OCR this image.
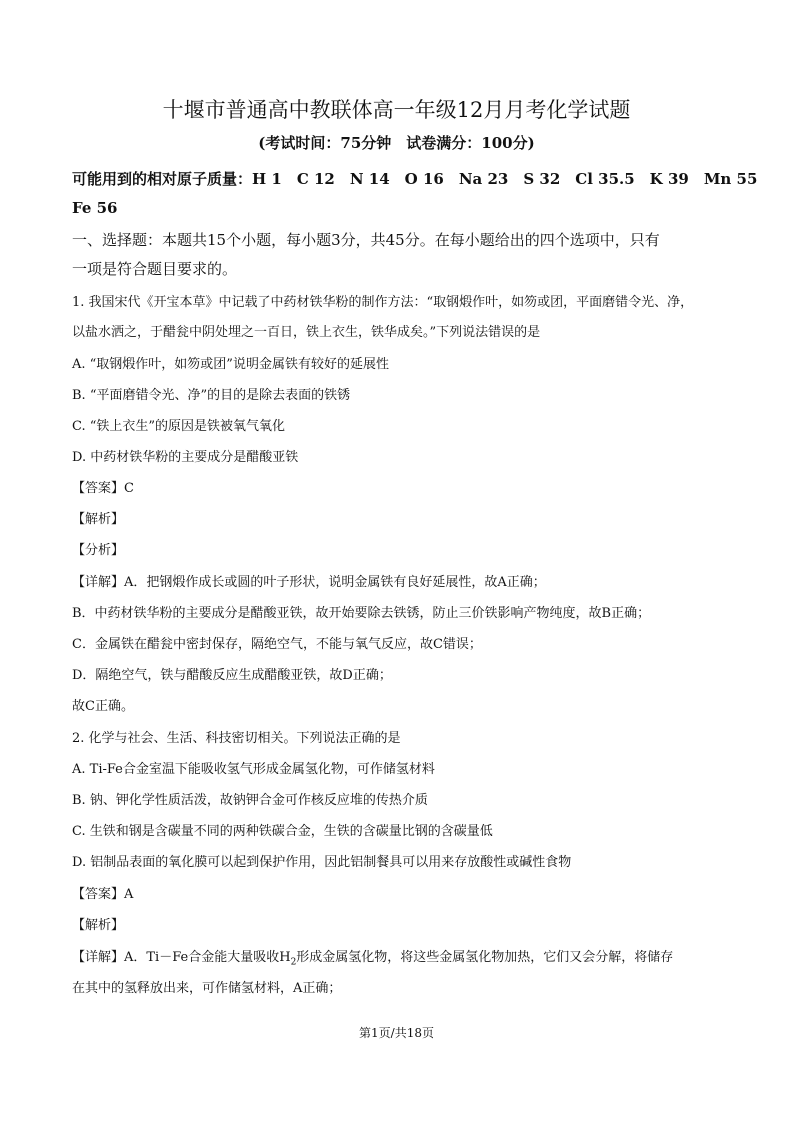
十堰市普通高中教联体高一年级12月月考化学试题
(考试时间：75分钟　试卷满分：100分)
可能用到的相对原子质量：H 1　C 12　N 14　O 16　Na 23　S 32　Cl 35.5　K 39　Mn 55
Fe 56
一、选择题：本题共15个小题，每小题3分，共45分。在每小题给出的四个选项中，只有
一项是符合题目要求的。
1. 我国宋代《开宝本草》中记载了中药材铁华粉的制作方法：“取钢煅作叶，如笏或团，平面磨错令光、净，
以盐水洒之，于醋瓮中阴处埋之一百日，铁上衣生，铁华成矣。”下列说法错误的是
A. “取钢煅作叶，如笏或团”说明金属铁有较好的延展性
B. “平面磨错令光、净”的目的是除去表面的铁锈
C. “铁上衣生”的原因是铁被氧气氧化
D. 中药材铁华粉的主要成分是醋酸亚铁
【答案】C
【解析】
【分析】
【详解】A．把钢煅作成长或圆的叶子形状，说明金属铁有良好延展性，故A正确；
B．中药材铁华粉的主要成分是醋酸亚铁，故开始要除去铁锈，防止三价铁影响产物纯度，故B正确；
C．金属铁在醋瓮中密封保存，隔绝空气，不能与氧气反应，故C错误；
D．隔绝空气，铁与醋酸反应生成醋酸亚铁，故D正确；
故C正确。
2. 化学与社会、生活、科技密切相关。下列说法正确的是
A. Ti-Fe合金室温下能吸收氢气形成金属氢化物，可作储氢材料
B. 钠、钾化学性质活泼，故钠钾合金可作核反应堆的传热介质
C. 生铁和钢是含碳量不同的两种铁碳合金，生铁的含碳量比钢的含碳量低
D. 铝制品表面的氧化膜可以起到保护作用，因此铝制餐具可以用来存放酸性或碱性食物
【答案】A
【解析】
【详解】A．Ti－Fe合金能大量吸收$H_2$形成金属氢化物，将这些金属氢化物加热，它们又会分解，将储存
在其中的氢释放出来，可作储氢材料，A正确；
第1页/共18页
